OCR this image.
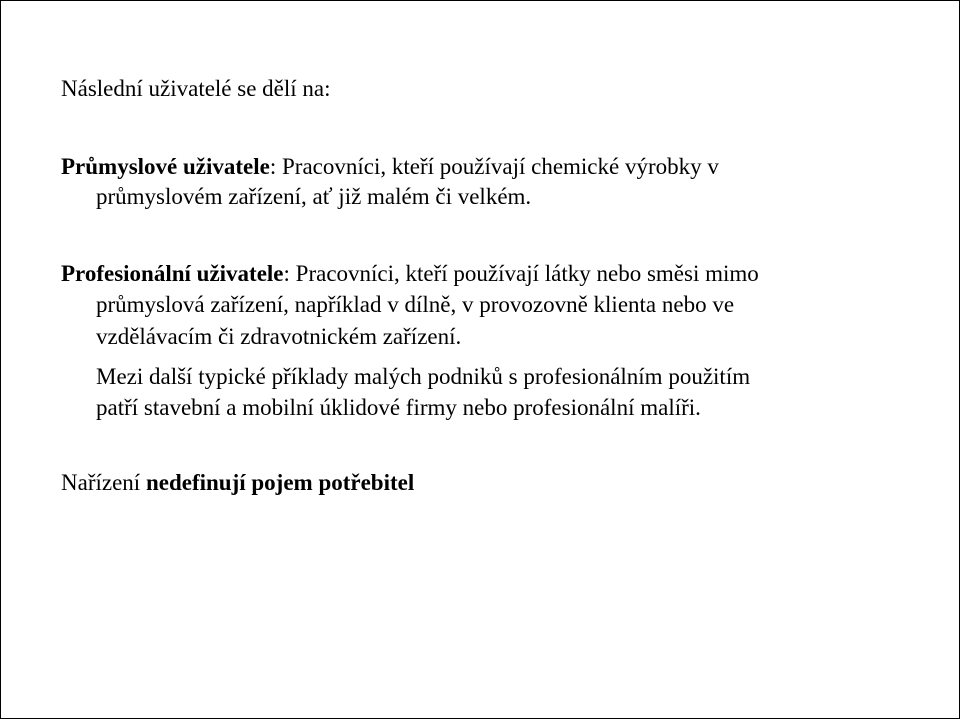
Následní uživatelé se dělí na:
Průmyslové uživatele: Pracovníci, kteří používají chemické výrobky v
průmyslovém zařízení, ať již malém či velkém.
Profesionální uživatele: Pracovníci, kteří používají látky nebo směsi mimo
průmyslová zařízení, například v dílně, v provozovně klienta nebo ve
vzdělávacím či zdravotnickém zařízení.
Mezi další typické příklady malých podniků s profesionálním použitím
patří stavební a mobilní úklidové firmy nebo profesionální malíři.
Nařízení nedefinují pojem potřebitel
